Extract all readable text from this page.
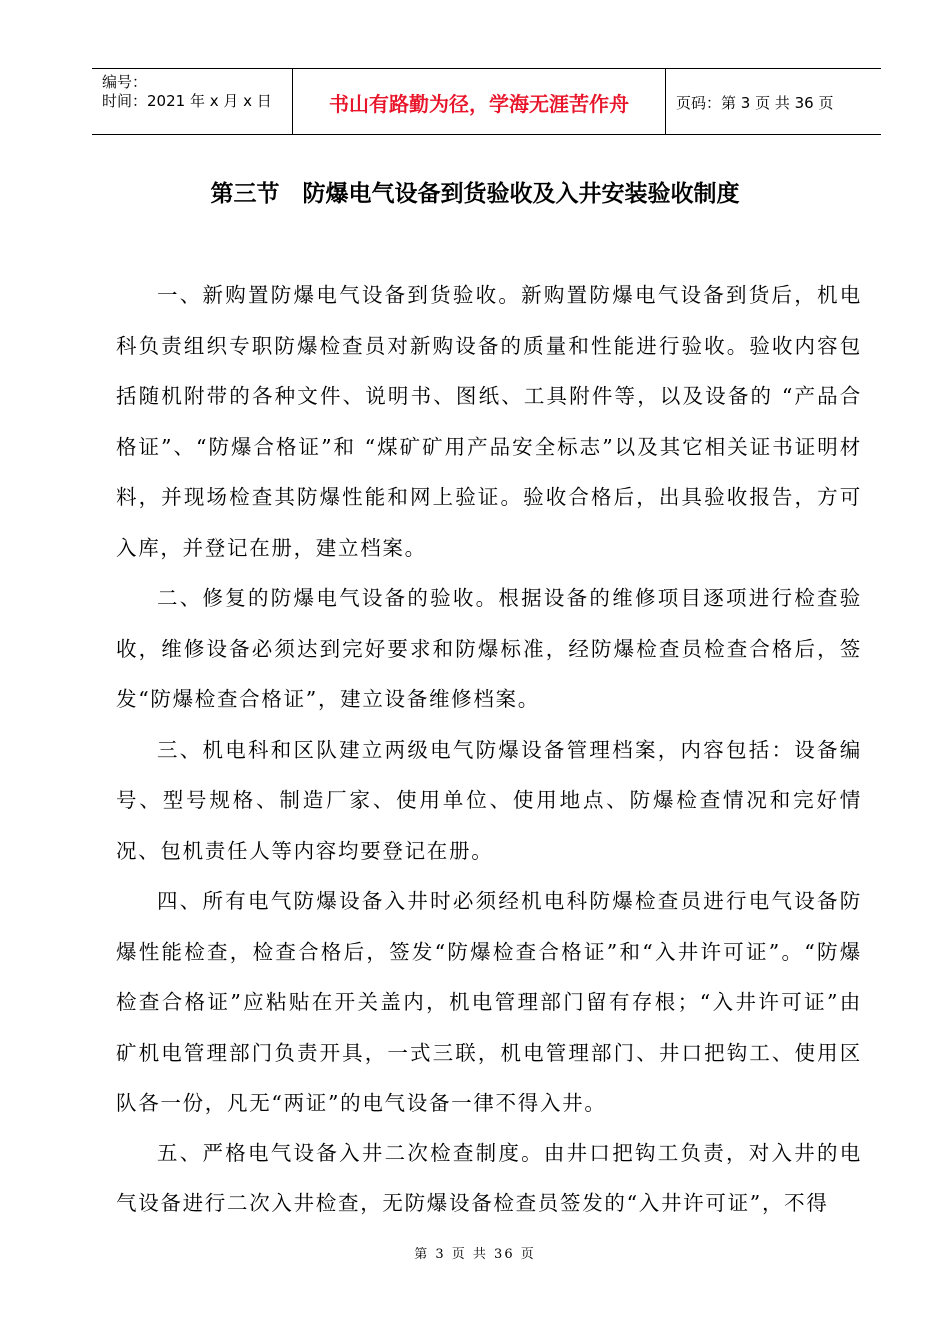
编号：
时间：2021 年 x 月 x 日	书山有路勤为径，学海无涯苦作舟	页码：第 3 页 共 36 页
第三节　防爆电气设备到货验收及入井安装验收制度

一、新购置防爆电气设备到货验收。新购置防爆电气设备到货后，机电科负责组织专职防爆检查员对新购设备的质量和性能进行验收。验收内容包括随机附带的各种文件、说明书、图纸、工具附件等，以及设备的 “产品合格证”、“防爆合格证”和 “煤矿矿用产品安全标志”以及其它相关证书证明材料，并现场检查其防爆性能和网上验证。验收合格后，出具验收报告，方可入库，并登记在册，建立档案。

二、修复的防爆电气设备的验收。根据设备的维修项目逐项进行检查验收，维修设备必须达到完好要求和防爆标准，经防爆检查员检查合格后，签发“防爆检查合格证”，建立设备维修档案。

三、机电科和区队建立两级电气防爆设备管理档案，内容包括：设备编号、型号规格、制造厂家、使用单位、使用地点、防爆检查情况和完好情况、包机责任人等内容均要登记在册。

四、所有电气防爆设备入井时必须经机电科防爆检查员进行电气设备防爆性能检查，检查合格后，签发“防爆检查合格证”和“入井许可证”。“防爆检查合格证”应粘贴在开关盖内，机电管理部门留有存根；“入井许可证”由矿机电管理部门负责开具，一式三联，机电管理部门、井口把钩工、使用区队各一份，凡无“两证”的电气设备一律不得入井。

五、严格电气设备入井二次检查制度。由井口把钩工负责，对入井的电气设备进行二次入井检查，无防爆设备检查员签发的“入井许可证”，不得

第 3 页 共 36 页
